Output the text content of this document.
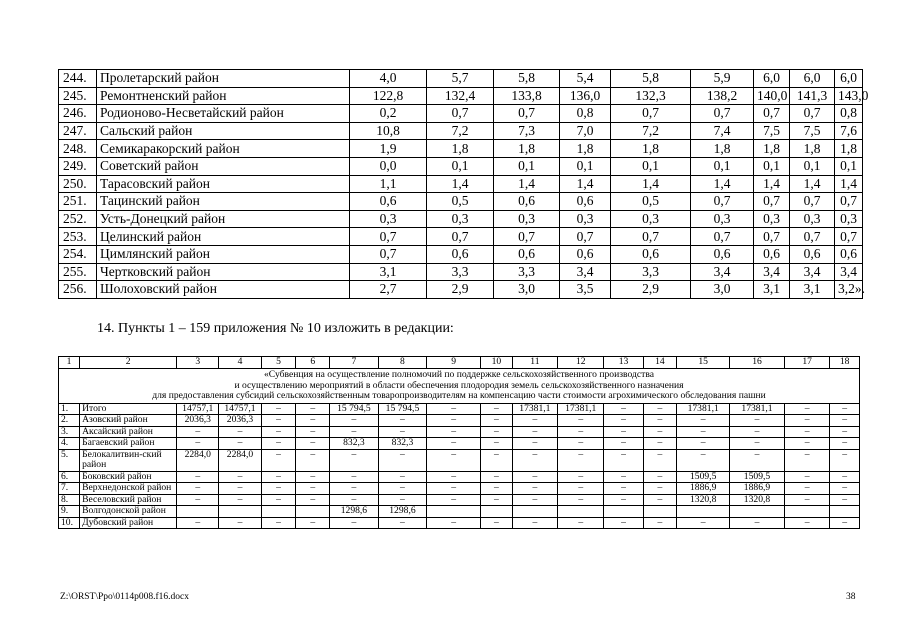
244.	Пролетарский район	4,0	5,7	5,8	5,4	5,8	5,9	6,0	6,0	6,0
245.	Ремонтненский район	122,8	132,4	133,8	136,0	132,3	138,2	140,0	141,3	143,0
246.	Родионово-Несветайский район	0,2	0,7	0,7	0,8	0,7	0,7	0,7	0,7	0,8
247.	Сальский район	10,8	7,2	7,3	7,0	7,2	7,4	7,5	7,5	7,6
248.	Семикаракорский район	1,9	1,8	1,8	1,8	1,8	1,8	1,8	1,8	1,8
249.	Советский район	0,0	0,1	0,1	0,1	0,1	0,1	0,1	0,1	0,1
250.	Тарасовский район	1,1	1,4	1,4	1,4	1,4	1,4	1,4	1,4	1,4
251.	Тацинский район	0,6	0,5	0,6	0,6	0,5	0,7	0,7	0,7	0,7
252.	Усть-Донецкий район	0,3	0,3	0,3	0,3	0,3	0,3	0,3	0,3	0,3
253.	Целинский район	0,7	0,7	0,7	0,7	0,7	0,7	0,7	0,7	0,7
254.	Цимлянский район	0,7	0,6	0,6	0,6	0,6	0,6	0,6	0,6	0,6
255.	Чертковский район	3,1	3,3	3,3	3,4	3,3	3,4	3,4	3,4	3,4
256.	Шолоховский район	2,7	2,9	3,0	3,5	2,9	3,0	3,1	3,1	3,2».
14. Пункты 1 – 159 приложения № 10 изложить в редакции:
1	2	3	4	5	6	7	8	9	10	11	12	13	14	15	16	17	18

«Субвенция на осуществление полномочий по поддержке сельскохозяйственного производства
и осуществлению мероприятий в области обеспечения плодородия земель сельскохозяйственного назначения
для предоставления субсидий сельскохозяйственным товаропроизводителям на компенсацию части стоимости агрохимического обследования пашни																	

1.	Итого	14757,1	14757,1	–	–	15 794,5	15 794,5	–	–	17381,1	17381,1	–	–	17381,1	17381,1	–	–
2.	Азовский район	2036,3	2036,3	–	–	–	–	–	–	–	–	–	–	–	–	–	–
3.	Аксайский район	–	–	–	–	–	–	–	–	–	–	–	–	–	–	–	–
4.	Багаевский район	–	–	–	–	832,3	832,3	–	–	–	–	–	–	–	–	–	–
5.	Белокалитвин-ский район	2284,0	2284,0	–	–	–	–	–	–	–	–	–	–	–	–	–	–
6.	Боковский район	–	–	–	–	–	–	–	–	–	–	–	–	1509,5	1509,5	–	–
7.	Верхнедонской район	–	–	–	–	–	–	–	–	–	–	–	–	1886,9	1886,9	–	–
8.	Веселовский район	–	–	–	–	–	–	–	–	–	–	–	–	1320,8	1320,8	–	–
9.	Волгодонской район					1298,6	1298,6										
10.	Дубовский район	–	–	–	–	–	–	–	–	–	–	–	–	–	–	–	–
Z:\ORST\Ppo\0114p008.f16.docx	38
